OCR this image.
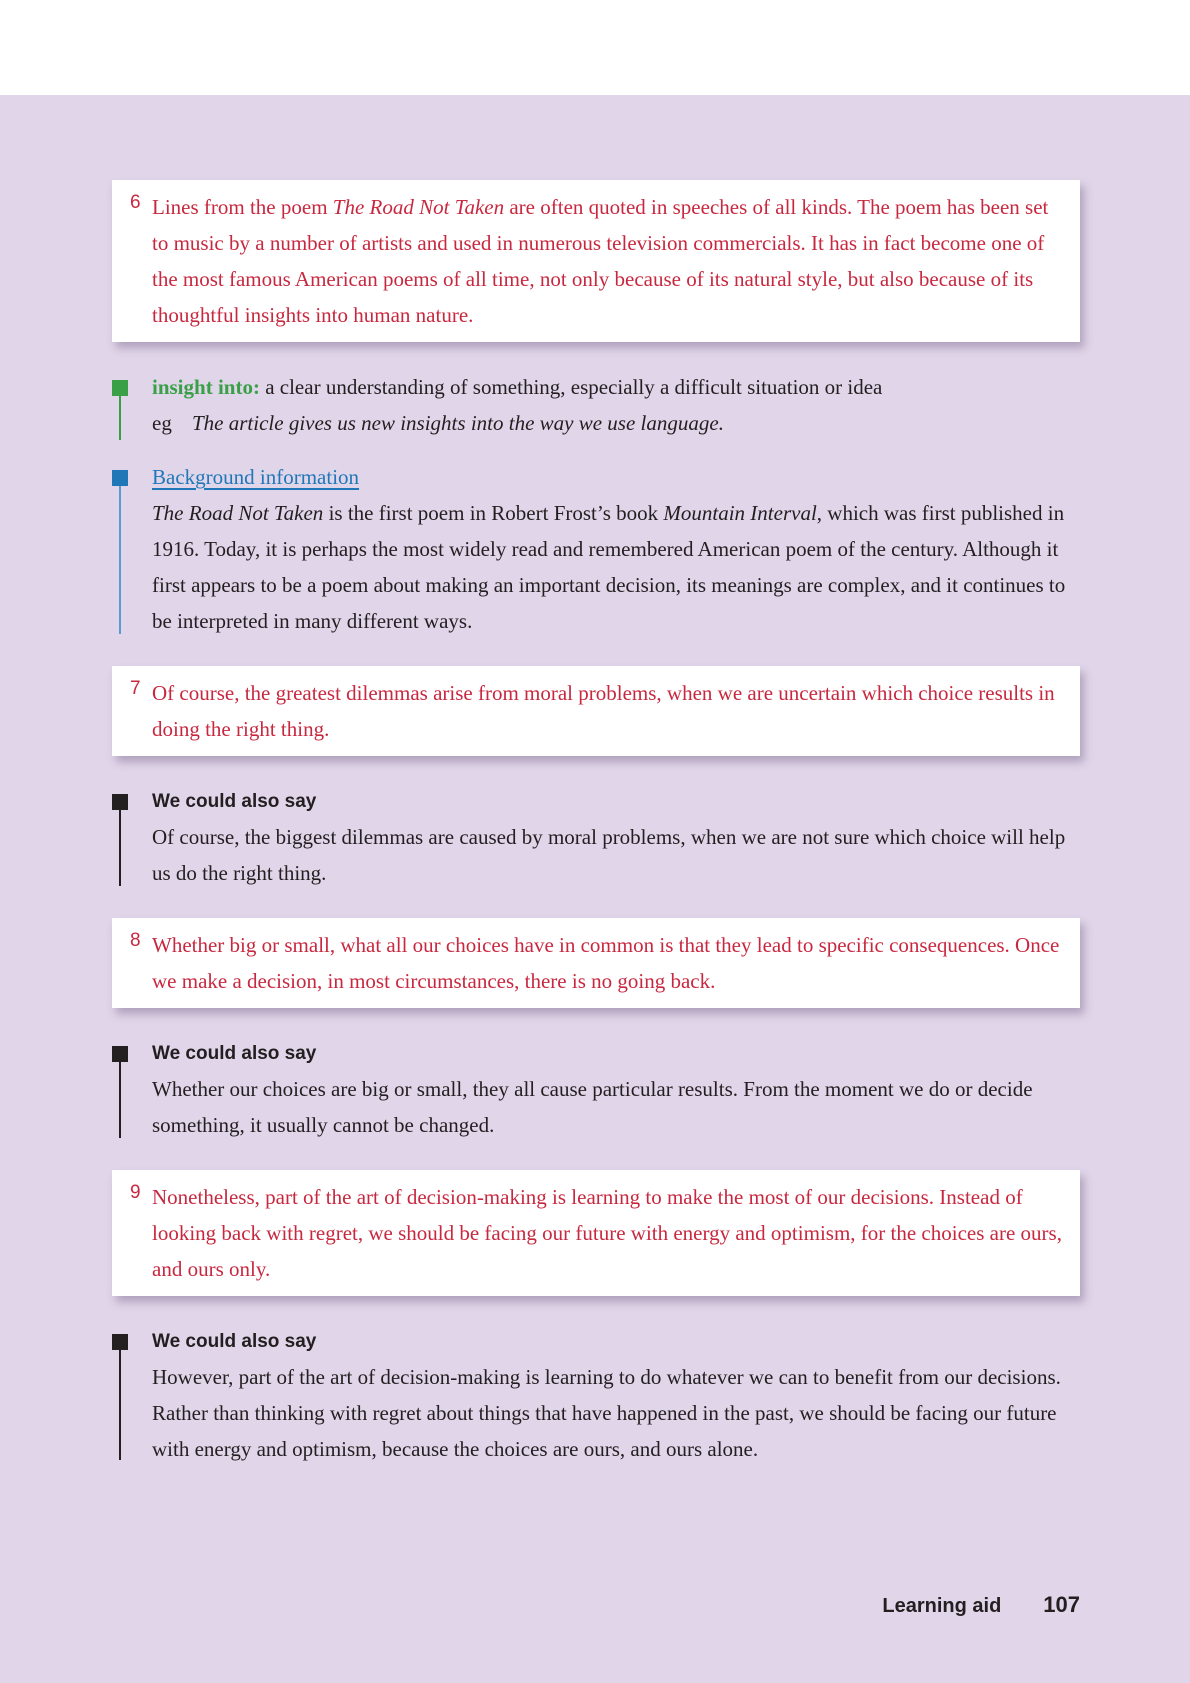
6 Lines from the poem The Road Not Taken are often quoted in speeches of all kinds. The poem has been set to music by a number of artists and used in numerous television commercials. It has in fact become one of the most famous American poems of all time, not only because of its natural style, but also because of its thoughtful insights into human nature.
insight into: a clear understanding of something, especially a difficult situation or idea
eg The article gives us new insights into the way we use language.
Background information
The Road Not Taken is the first poem in Robert Frost’s book Mountain Interval, which was first published in 1916. Today, it is perhaps the most widely read and remembered American poem of the century. Although it first appears to be a poem about making an important decision, its meanings are complex, and it continues to be interpreted in many different ways.
7 Of course, the greatest dilemmas arise from moral problems, when we are uncertain which choice results in doing the right thing.
We could also say
Of course, the biggest dilemmas are caused by moral problems, when we are not sure which choice will help us do the right thing.
8 Whether big or small, what all our choices have in common is that they lead to specific consequences. Once we make a decision, in most circumstances, there is no going back.
We could also say
Whether our choices are big or small, they all cause particular results. From the moment we do or decide something, it usually cannot be changed.
9 Nonetheless, part of the art of decision-making is learning to make the most of our decisions. Instead of looking back with regret, we should be facing our future with energy and optimism, for the choices are ours, and ours only.
We could also say
However, part of the art of decision-making is learning to do whatever we can to benefit from our decisions. Rather than thinking with regret about things that have happened in the past, we should be facing our future with energy and optimism, because the choices are ours, and ours alone.
Learning aid 107
